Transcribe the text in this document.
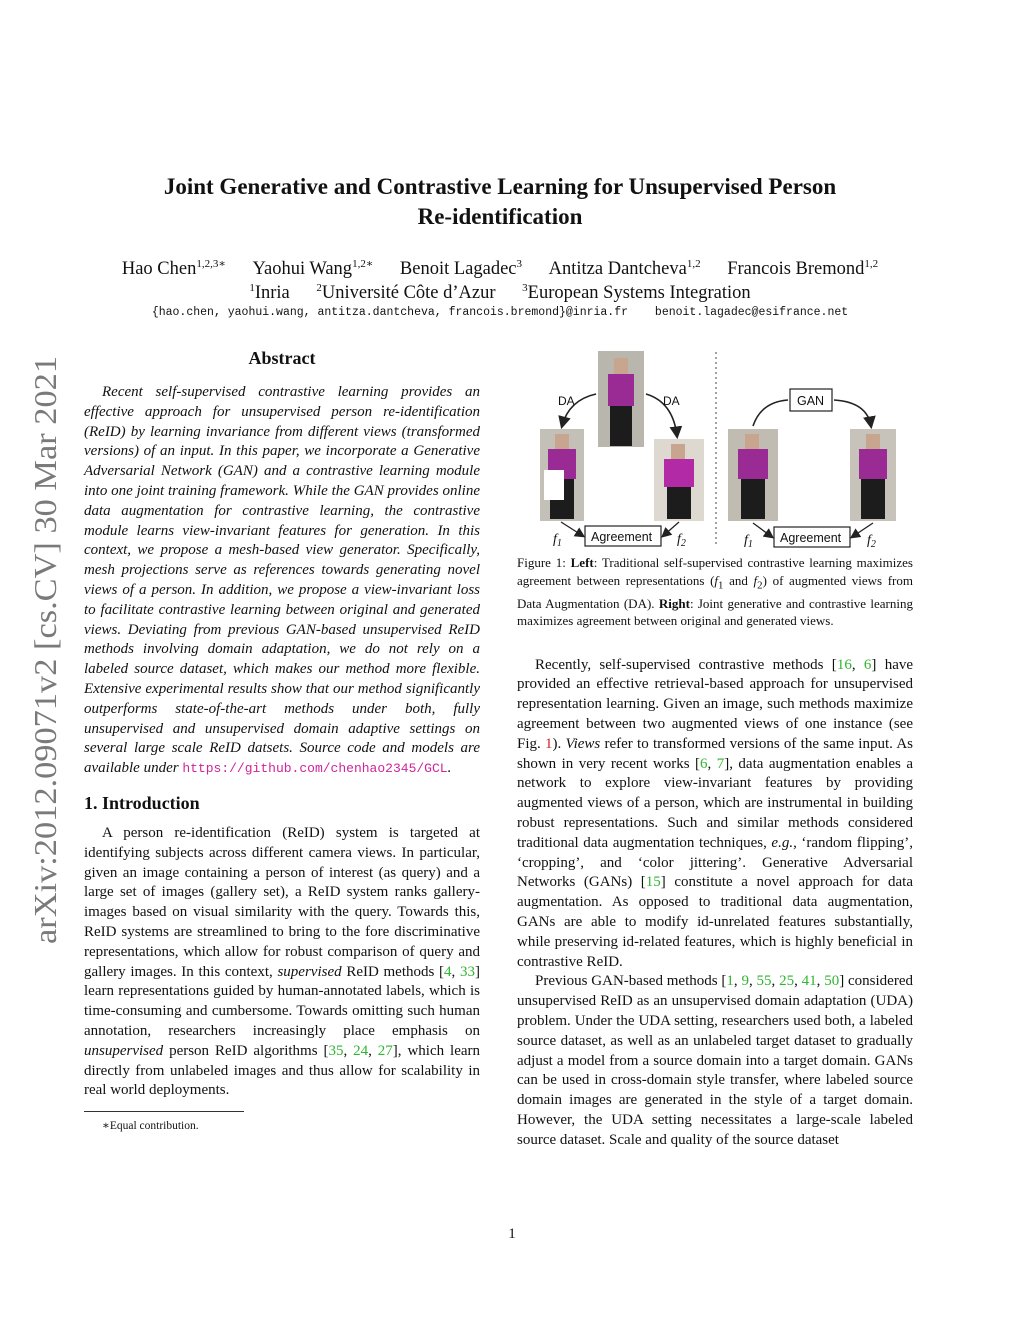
arXiv:2012.09071v2 [cs.CV] 30 Mar 2021
Joint Generative and Contrastive Learning for Unsupervised Person
Re-identification
Hao Chen$^{1,2,3∗}$ Yaohui Wang$^{1,2∗}$ Benoit Lagadec$^3$ Antitza Dantcheva$^{1,2}$ Francois Bremond$^{1,2}$
$^1$Inria $^2$Université Côte d’Azur $^3$European Systems Integration
{hao.chen, yaohui.wang, antitza.dantcheva, francois.bremond}@inria.fr benoit.lagadec@esifrance.net
Abstract

Recent self-supervised contrastive learning provides an effective approach for unsupervised person re-identification (ReID) by learning invariance from different views (transformed versions) of an input. In this paper, we incorporate a Generative Adversarial Network (GAN) and a contrastive learning module into one joint training framework. While the GAN provides online data augmentation for contrastive learning, the contrastive module learns view-invariant features for generation. In this context, we propose a mesh-based view generator. Specifically, mesh projections serve as references towards generating novel views of a person. In addition, we propose a view-invariant loss to facilitate contrastive learning between original and generated views. Deviating from previous GAN-based unsupervised ReID methods involving domain adaptation, we do not rely on a labeled source dataset, which makes our method more flexible. Extensive experimental results show that our method significantly outperforms state-of-the-art methods under both, fully unsupervised and unsupervised domain adaptive settings on several large scale ReID datsets. Source code and models are available under https://github.com/chenhao2345/GCL.

1. Introduction

A person re-identification (ReID) system is targeted at identifying subjects across different camera views. In particular, given an image containing a person of interest (as query) and a large set of images (gallery set), a ReID system ranks gallery-images based on visual similarity with the query. Towards this, ReID systems are streamlined to bring to the fore discriminative representations, which allow for robust comparison of query and gallery images. In this context, supervised ReID methods [4, 33] learn representations guided by human-annotated labels, which is time-consuming and cumbersome. Towards omitting such human annotation, researchers increasingly place emphasis on unsupervised person ReID algorithms [35, 24, 27], which learn directly from unlabeled images and thus allow for scalability in real world deployments.

∗Equal contribution.
DA	DA
Agreement
$f_1$	$f_2$
GAN
Agreement
$f_1$	$f_2$

Figure 1: Left: Traditional self-supervised contrastive learning maximizes agreement between representations ($f_1$ and $f_2$) of augmented views from Data Augmentation (DA). Right: Joint generative and contrastive learning maximizes agreement between original and generated views.

Recently, self-supervised contrastive methods [16, 6] have provided an effective retrieval-based approach for unsupervised representation learning. Given an image, such methods maximize agreement between two augmented views of one instance (see Fig. 1). Views refer to transformed versions of the same input. As shown in very recent works [6, 7], data augmentation enables a network to explore view-invariant features by providing augmented views of a person, which are instrumental in building robust representations. Such and similar methods considered traditional data augmentation techniques, e.g., ‘random flipping’, ‘cropping’, and ‘color jittering’. Generative Adversarial Networks (GANs) [15] constitute a novel approach for data augmentation. As opposed to traditional data augmentation, GANs are able to modify id-unrelated features substantially, while preserving id-related features, which is highly beneficial in contrastive ReID.

Previous GAN-based methods [1, 9, 55, 25, 41, 50] considered unsupervised ReID as an unsupervised domain adaptation (UDA) problem. Under the UDA setting, researchers used both, a labeled source dataset, as well as an unlabeled target dataset to gradually adjust a model from a source domain into a target domain. GANs can be used in cross-domain style transfer, where labeled source domain images are generated in the style of a target domain. However, the UDA setting necessitates a large-scale labeled source dataset. Scale and quality of the source dataset

1
